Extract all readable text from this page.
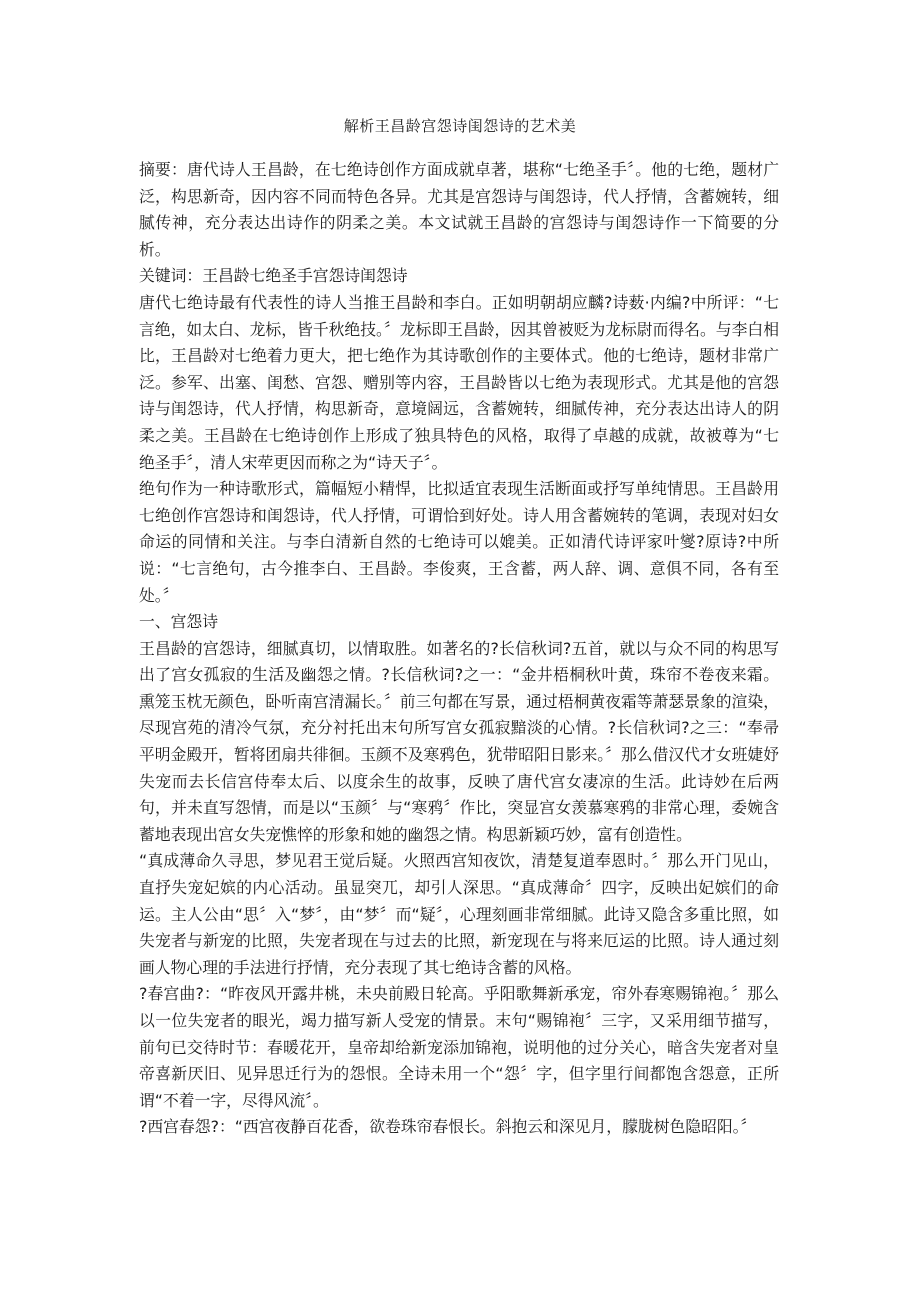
解析王昌龄宫怨诗闺怨诗的艺术美

摘要：唐代诗人王昌龄，在七绝诗创作方面成就卓著，堪称“七绝圣手〞。他的七绝，题材广泛，构思新奇，因内容不同而特色各异。尤其是宫怨诗与闺怨诗，代人抒情，含蓄婉转，细腻传神，充分表达出诗作的阴柔之美。本文试就王昌龄的宫怨诗与闺怨诗作一下简要的分析。

关键词：王昌龄七绝圣手宫怨诗闺怨诗

唐代七绝诗最有代表性的诗人当推王昌龄和李白。正如明朝胡应麟?诗薮·内编?中所评：“七言绝，如太白、龙标，皆千秋绝技。〞龙标即王昌龄，因其曾被贬为龙标尉而得名。与李白相比，王昌龄对七绝着力更大，把七绝作为其诗歌创作的主要体式。他的七绝诗，题材非常广泛。参军、出塞、闺愁、宫怨、赠别等内容，王昌龄皆以七绝为表现形式。尤其是他的宫怨诗与闺怨诗，代人抒情，构思新奇，意境阔远，含蓄婉转，细腻传神，充分表达出诗人的阴柔之美。王昌龄在七绝诗创作上形成了独具特色的风格，取得了卓越的成就，故被尊为“七绝圣手〞，清人宋荦更因而称之为“诗天子〞。

绝句作为一种诗歌形式，篇幅短小精悍，比拟适宜表现生活断面或抒写单纯情思。王昌龄用七绝创作宫怨诗和闺怨诗，代人抒情，可谓恰到好处。诗人用含蓄婉转的笔调，表现对妇女命运的同情和关注。与李白清新自然的七绝诗可以媲美。正如清代诗评家叶燮?原诗?中所说：“七言绝句，古今推李白、王昌龄。李俊爽，王含蓄，两人辞、调、意俱不同，各有至处。〞

一、宫怨诗

王昌龄的宫怨诗，细腻真切，以情取胜。如著名的?长信秋词?五首，就以与众不同的构思写出了宫女孤寂的生活及幽怨之情。?长信秋词?之一：“金井梧桐秋叶黄，珠帘不卷夜来霜。熏笼玉枕无颜色，卧听南宫清漏长。〞前三句都在写景，通过梧桐黄夜霜等萧瑟景象的渲染，尽现宫苑的清冷气氛，充分衬托出末句所写宫女孤寂黯淡的心情。?长信秋词?之三：“奉帚平明金殿开，暂将团扇共徘徊。玉颜不及寒鸦色，犹带昭阳日影来。〞那么借汉代才女班婕妤失宠而去长信宫侍奉太后、以度余生的故事，反映了唐代宫女凄凉的生活。此诗妙在后两句，并未直写怨情，而是以“玉颜〞与“寒鸦〞作比，突显宫女羡慕寒鸦的非常心理，委婉含蓄地表现出宫女失宠憔悴的形象和她的幽怨之情。构思新颖巧妙，富有创造性。

“真成薄命久寻思，梦见君王觉后疑。火照西宫知夜饮，清楚复道奉恩时。〞那么开门见山，直抒失宠妃嫔的内心活动。虽显突兀，却引人深思。“真成薄命〞四字，反映出妃嫔们的命运。主人公由“思〞入“梦〞，由“梦〞而“疑〞，心理刻画非常细腻。此诗又隐含多重比照，如失宠者与新宠的比照，失宠者现在与过去的比照，新宠现在与将来厄运的比照。诗人通过刻画人物心理的手法进行抒情，充分表现了其七绝诗含蓄的风格。

?春宫曲?：“昨夜风开露井桃，未央前殿日轮高。乎阳歌舞新承宠，帘外春寒赐锦袍。〞那么以一位失宠者的眼光，竭力描写新人受宠的情景。末句“赐锦袍〞三字，又采用细节描写，前句已交待时节：春暖花开，皇帝却给新宠添加锦袍，说明他的过分关心，暗含失宠者对皇帝喜新厌旧、见异思迁行为的怨恨。全诗未用一个“怨〞字，但字里行间都饱含怨意，正所谓“不着一字，尽得风流〞。

?西宫春怨?：“西宫夜静百花香，欲卷珠帘春恨长。斜抱云和深见月，朦胧树色隐昭阳。〞
